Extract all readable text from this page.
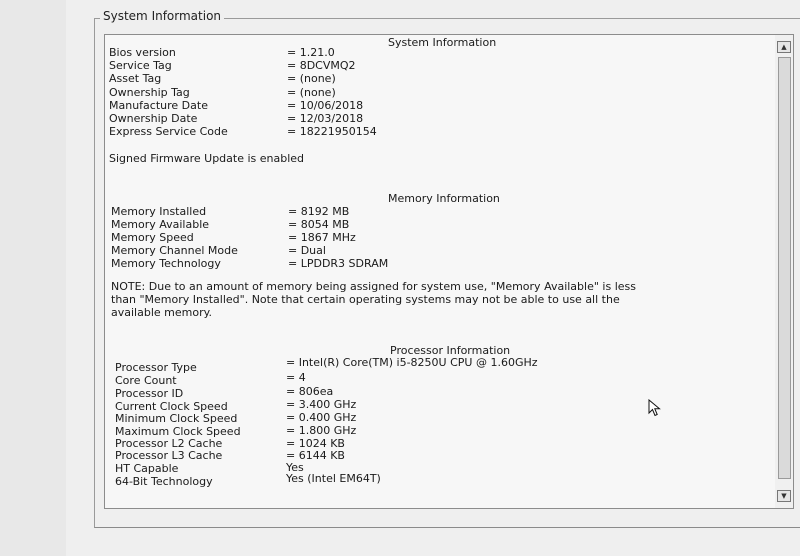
System Information
System Information
Bios version	= 1.21.0
Service Tag	= 8DCVMQ2
Asset Tag	= (none)
Ownership Tag	= (none)
Manufacture Date	= 10/06/2018
Ownership Date	= 12/03/2018
Express Service Code	= 18221950154
Signed Firmware Update is enabled
Memory Information
Memory Installed	= 8192 MB
Memory Available	= 8054 MB
Memory Speed	= 1867 MHz
Memory Channel Mode	= Dual
Memory Technology	= LPDDR3 SDRAM
NOTE: Due to an amount of memory being assigned for system use, "Memory Available" is less
than "Memory Installed". Note that certain operating systems may not be able to use all the
available memory.
Processor Information
Processor Type	= Intel(R) Core(TM) i5-8250U CPU @ 1.60GHz
Core Count	= 4
Processor ID	= 806ea
Current Clock Speed	= 3.400 GHz
Minimum Clock Speed	= 0.400 GHz
Maximum Clock Speed	= 1.800 GHz
Processor L2 Cache	= 1024 KB
Processor L3 Cache	= 6144 KB
HT Capable	Yes
64-Bit Technology	Yes (Intel EM64T)
▲
▼
